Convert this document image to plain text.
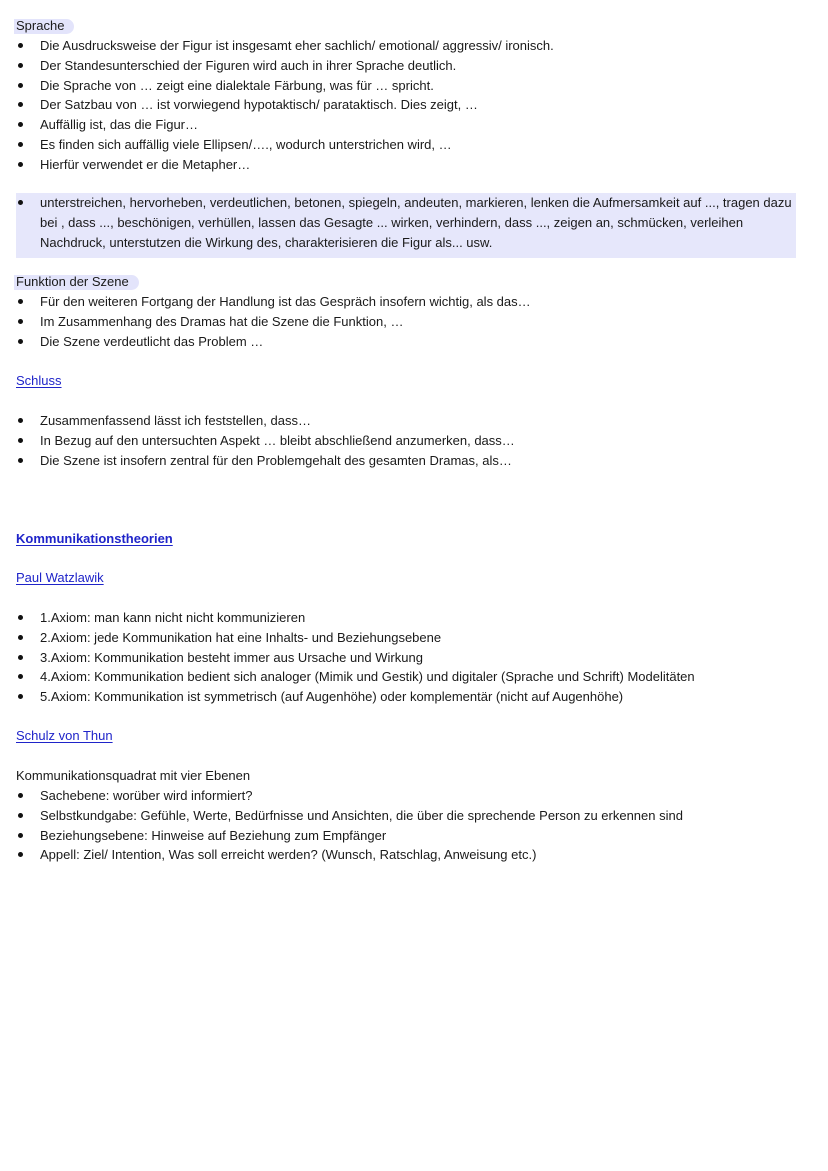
Sprache
Die Ausdrucksweise der Figur ist insgesamt eher sachlich/ emotional/ aggressiv/ ironisch.
Der Standesunterschied der Figuren wird auch in ihrer Sprache deutlich.
Die Sprache von … zeigt eine dialektale Färbung, was für … spricht.
Der Satzbau von … ist vorwiegend hypotaktisch/ parataktisch. Dies zeigt, …
Auffällig ist, das die Figur…
Es finden sich auffällig viele Ellipsen/…., wodurch unterstrichen wird, …
Hierfür verwendet er die Metapher…
unterstreichen, hervorheben, verdeutlichen, betonen, spiegeln, andeuten, markieren, lenken die Aufmersamkeit auf ..., tragen dazu bei , dass ..., beschönigen, verhüllen, lassen das Gesagte ... wirken, verhindern, dass ..., zeigen an, schmücken, verleihen Nachdruck, unterstutzen die Wirkung des, charakterisieren die Figur als... usw.
Funktion der Szene
Für den weiteren Fortgang der Handlung ist das Gespräch insofern wichtig, als das…
Im Zusammenhang des Dramas hat die Szene die Funktion, …
Die Szene verdeutlicht das Problem …
Schluss
Zusammenfassend lässt ich feststellen, dass…
In Bezug auf den untersuchten Aspekt … bleibt abschließend anzumerken, dass…
Die Szene ist insofern zentral für den Problemgehalt des gesamten Dramas, als…
Kommunikationstheorien
Paul Watzlawik
1.Axiom: man kann nicht nicht kommunizieren
2.Axiom: jede Kommunikation hat eine Inhalts- und Beziehungsebene
3.Axiom: Kommunikation besteht immer aus Ursache und Wirkung
4.Axiom: Kommunikation bedient sich analoger (Mimik und Gestik) und digitaler (Sprache und Schrift) Modelitäten
5.Axiom: Kommunikation ist symmetrisch (auf Augenhöhe) oder komplementär (nicht auf Augenhöhe)
Schulz von Thun
Kommunikationsquadrat mit vier Ebenen
Sachebene: worüber wird informiert?
Selbstkundgabe: Gefühle, Werte, Bedürfnisse und Ansichten, die über die sprechende Person zu erkennen sind
Beziehungsebene: Hinweise auf Beziehung zum Empfänger
Appell: Ziel/ Intention, Was soll erreicht werden? (Wunsch, Ratschlag, Anweisung etc.)
